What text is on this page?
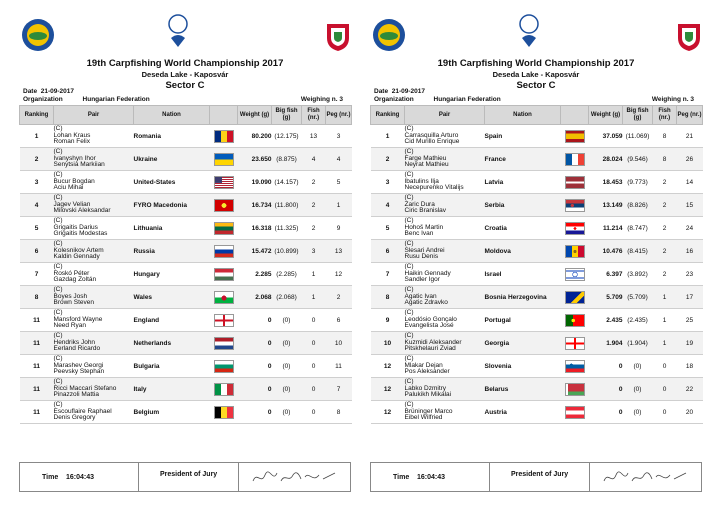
19th Carpfishing World Championship 2017
Deseda Lake - Kaposvár
Sector C
Date 21-09-2017
Organization	Hungarian Federation	Weighing n. 3
Ranking	Pair	Nation		Weight (g)	Big fish (g)	Fish (nr.)	Peg (nr.)
1	(C)
Lohan Kraus
Roman Felix	Romania		80.200	(12.175)	13	3
2	(C)
Ivanyshyn Ihor
Senytsia Markiian	Ukraine		23.650	(8.875)	4	4
3	(C)
Bucur Bogdan
Aciu Mihai	United-States		19.090	(14.157)	2	5
4	(C)
Jagev Velian
Milovski Aleksandar	FYRO Macedonia		16.734	(11.800)	2	1
5	(C)
Grigaitis Darius
Grigaitis Modestas	Lithuania		16.318	(11.325)	2	9
6	(C)
Kolesnikov Artem
Kaldin Gennady	Russia		15.472	(10.899)	3	13
7	(C)
Roskó Péter
Gazdag Zoltán	Hungary		2.285	(2.285)	1	12
8	(C)
Boyes Josh
Brown Steven	Wales		2.068	(2.068)	1	2
11	(C)
Mansford Wayne
Need Ryan	England		0	(0)	0	6
11	(C)
Hendriks John
Eerland Ricardo	Netherlands		0	(0)	0	10
11	(C)
Marashev Georgi
Peevsky Stephan	Bulgaria		0	(0)	0	11
11	(C)
Ricci Maccari Stefano
Pinazzoli Mattia	Italy		0	(0)	0	7
11	(C)
Escouflaire Raphael
Denis Gregory	Belgium		0	(0)	0	8
Time 16:04:43	President of Jury
19th Carpfishing World Championship 2017
Deseda Lake - Kaposvár
Sector C
Date 21-09-2017
Organization	Hungarian Federation	Weighing n. 3
Ranking	Pair	Nation		Weight (g)	Big fish (g)	Fish (nr.)	Peg (nr.)
1	(C)
Carrasquilla Arturo
Cid Murillo Enrique	Spain		37.059	(11.069)	8	21
2	(C)
Farge Mathieu
Neyrat Mathieu	France		28.024	(9.546)	8	26
3	(C)
Ibatulins Ilja
Necepurenko Vitalijs	Latvia		18.453	(9.773)	2	14
4	(C)
Zaric Dura
Ciric Branislav	Serbia		13.149	(8.826)	2	15
5	(C)
Hohoš Martin
Benc Ivan	Croatia		11.214	(8.747)	2	24
6	(C)
Slesari Andrei
Rusu Denis	Moldova		10.476	(8.415)	2	16
7	(C)
Haikin Gennady
Sandler Igor	Israel		6.397	(3.892)	2	23
8	(C)
Agatic Ivan
Agatic Zdravko	Bosnia Herzegovina		5.709	(5.709)	1	17
9	(C)
Leodósio Gonçalo
Evangelista José	Portugal		2.435	(2.435)	1	25
10	(C)
Kuzmidi Aleksander
Pitskhelauri Zviad	Georgia		1.904	(1.904)	1	19
12	(C)
Mlakar Dejan
Pos Aleksander	Slovenia		0	(0)	0	18
12	(C)
Labko Dzmitry
Palukikh Mikalai	Belarus		0	(0)	0	22
12	(C)
Brüninger Marco
Eibel Wilfried	Austria		0	(0)	0	20
Time 16:04:43	President of Jury
